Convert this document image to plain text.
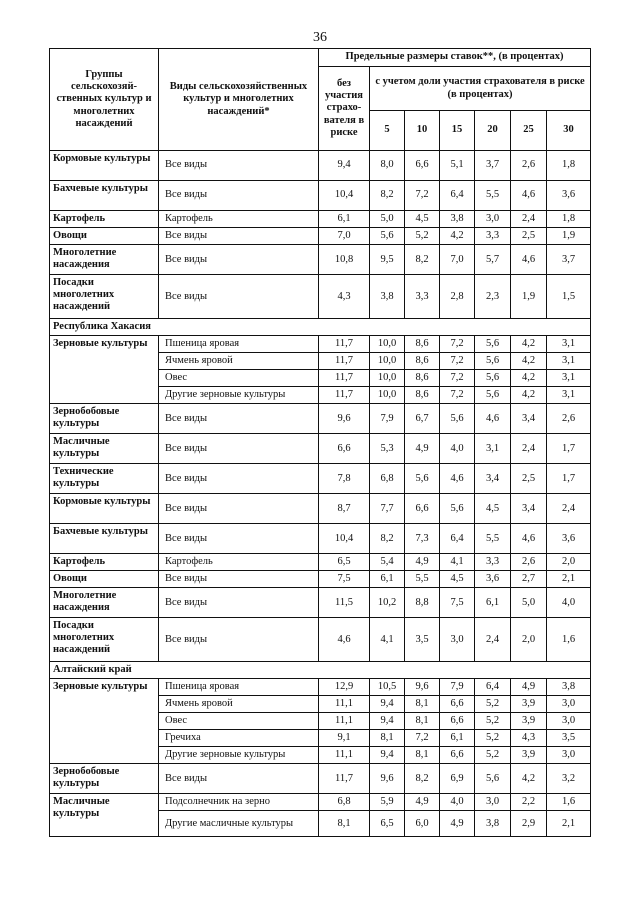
36
Группы сельскохозяй-ственных культур и многолетних насаждений	Виды сельскохозяйственных культур и многолетних насаждений*	Предельные размеры ставок**, (в процентах)						
		без участия страхо-вателя в риске	с учетом доли участия страхователя в риске (в процентах)					
			5	10	15	20	25	30
Кормовые культуры	Все виды	9,4	8,0	6,6	5,1	3,7	2,6	1,8
Бахчевые культуры	Все виды	10,4	8,2	7,2	6,4	5,5	4,6	3,6
Картофель	Картофель	6,1	5,0	4,5	3,8	3,0	2,4	1,8
Овощи	Все виды	7,0	5,6	5,2	4,2	3,3	2,5	1,9
Многолетние насаждения	Все виды	10,8	9,5	8,2	7,0	5,7	4,6	3,7
Посадки многолетних насаждений	Все виды	4,3	3,8	3,3	2,8	2,3	1,9	1,5
Республика Хакасия								
Зерновые культуры	Пшеница яровая	11,7	10,0	8,6	7,2	5,6	4,2	3,1
	Ячмень яровой	11,7	10,0	8,6	7,2	5,6	4,2	3,1
	Овес	11,7	10,0	8,6	7,2	5,6	4,2	3,1
	Другие зерновые культуры	11,7	10,0	8,6	7,2	5,6	4,2	3,1
Зернобобовые культуры	Все виды	9,6	7,9	6,7	5,6	4,6	3,4	2,6
Масличные культуры	Все виды	6,6	5,3	4,9	4,0	3,1	2,4	1,7
Технические культуры	Все виды	7,8	6,8	5,6	4,6	3,4	2,5	1,7
Кормовые культуры	Все виды	8,7	7,7	6,6	5,6	4,5	3,4	2,4
Бахчевые культуры	Все виды	10,4	8,2	7,3	6,4	5,5	4,6	3,6
Картофель	Картофель	6,5	5,4	4,9	4,1	3,3	2,6	2,0
Овощи	Все виды	7,5	6,1	5,5	4,5	3,6	2,7	2,1
Многолетние насаждения	Все виды	11,5	10,2	8,8	7,5	6,1	5,0	4,0
Посадки многолетних насаждений	Все виды	4,6	4,1	3,5	3,0	2,4	2,0	1,6
Алтайский край								
Зерновые культуры	Пшеница яровая	12,9	10,5	9,6	7,9	6,4	4,9	3,8
	Ячмень яровой	11,1	9,4	8,1	6,6	5,2	3,9	3,0
	Овес	11,1	9,4	8,1	6,6	5,2	3,9	3,0
	Гречиха	9,1	8,1	7,2	6,1	5,2	4,3	3,5
	Другие зерновые культуры	11,1	9,4	8,1	6,6	5,2	3,9	3,0
Зернобобовые культуры	Все виды	11,7	9,6	8,2	6,9	5,6	4,2	3,2
Масличные культуры	Подсолнечник на зерно	6,8	5,9	4,9	4,0	3,0	2,2	1,6
	Другие масличные культуры	8,1	6,5	6,0	4,9	3,8	2,9	2,1
